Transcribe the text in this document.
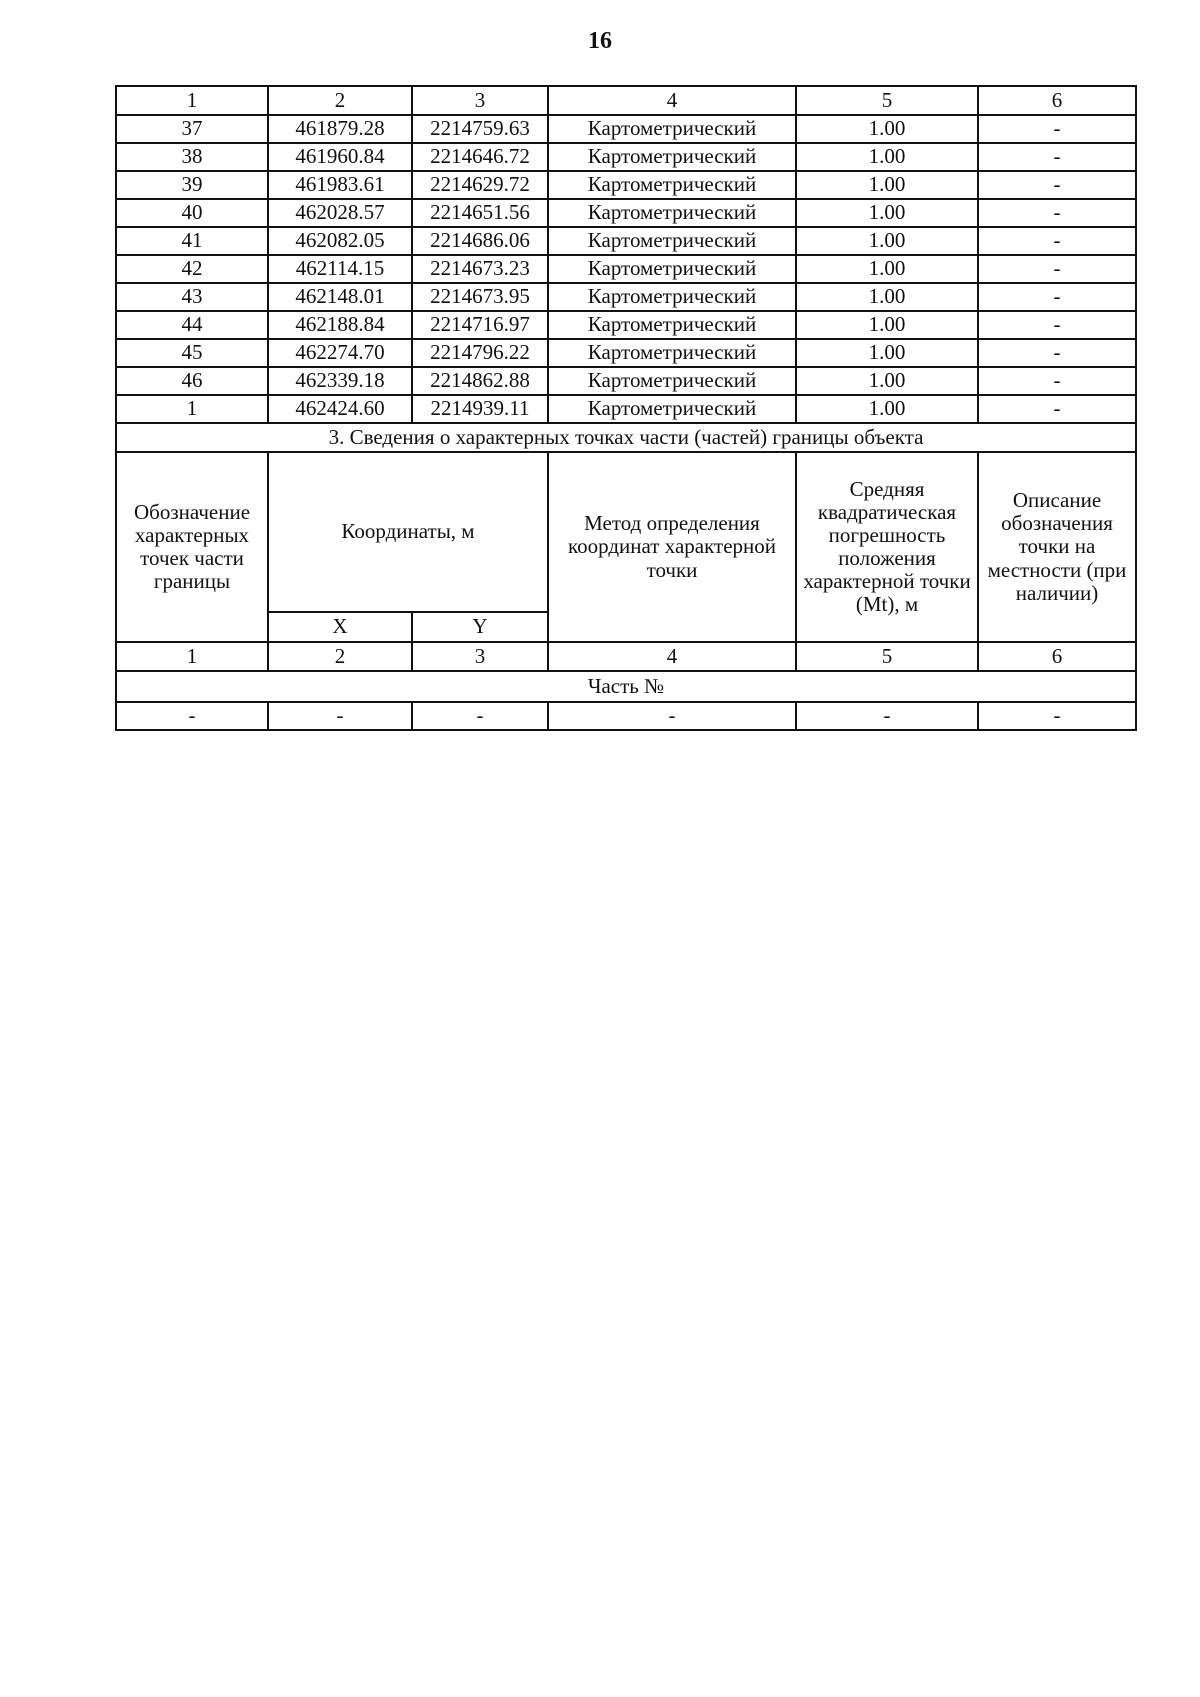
16
1	2	3	4	5	6
37	461879.28	2214759.63	Картометрический	1.00	-
38	461960.84	2214646.72	Картометрический	1.00	-
39	461983.61	2214629.72	Картометрический	1.00	-
40	462028.57	2214651.56	Картометрический	1.00	-
41	462082.05	2214686.06	Картометрический	1.00	-
42	462114.15	2214673.23	Картометрический	1.00	-
43	462148.01	2214673.95	Картометрический	1.00	-
44	462188.84	2214716.97	Картометрический	1.00	-
45	462274.70	2214796.22	Картометрический	1.00	-
46	462339.18	2214862.88	Картометрический	1.00	-
1	462424.60	2214939.11	Картометрический	1.00	-
3. Сведения о характерных точках части (частей) границы объекта					
Обозначение характерных точек части границы	Координаты, м		Метод определения координат характерной точки	Средняя квадратическая погрешность положения характерной точки (Mt), м	Описание обозначения точки на местности (при наличии)
	X	Y			
1	2	3	4	5	6
Часть №					
-	-	-	-	-	-
